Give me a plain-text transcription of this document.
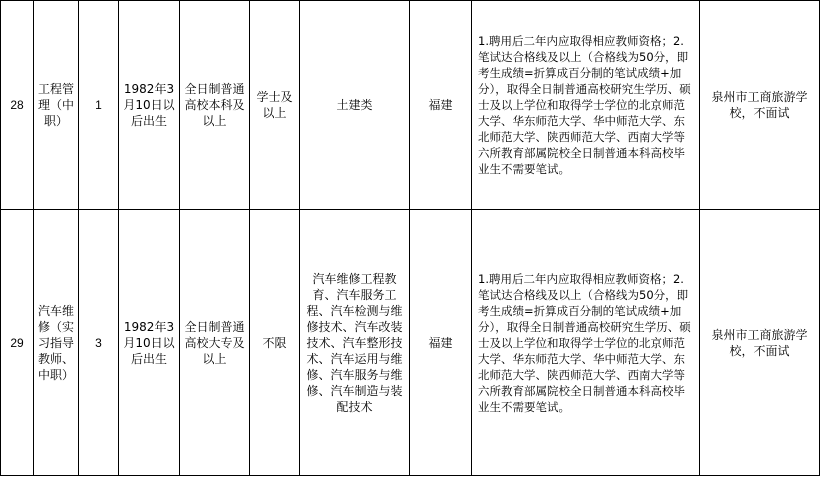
28	工程管理（中职）	1	1982年3月10日以后出生	全日制普通高校本科及以上	学士及以上	土建类	福建	1.聘用后二年内应取得相应教师资格；2.笔试达合格线及以上（合格线为50分，即考生成绩=折算成百分制的笔试成绩+加分），取得全日制普通高校研究生学历、硕士及以上学位和取得学士学位的北京师范大学、华东师范大学、华中师范大学、东北师范大学、陕西师范大学、西南大学等六所教育部属院校全日制普通本科高校毕业生不需要笔试。	泉州市工商旅游学校，不面试
29	汽车维修（实习指导教师、中职）	3	1982年3月10日以后出生	全日制普通高校大专及以上	不限	汽车维修工程教育、汽车服务工程、汽车检测与维修技术、汽车改装技术、汽车整形技术、汽车运用与维修、汽车服务与维修、汽车制造与装配技术	福建	1.聘用后二年内应取得相应教师资格；2.笔试达合格线及以上（合格线为50分，即考生成绩=折算成百分制的笔试成绩+加分），取得全日制普通高校研究生学历、硕士及以上学位和取得学士学位的北京师范大学、华东师范大学、华中师范大学、东北师范大学、陕西师范大学、西南大学等六所教育部属院校全日制普通本科高校毕业生不需要笔试。	泉州市工商旅游学校，不面试
